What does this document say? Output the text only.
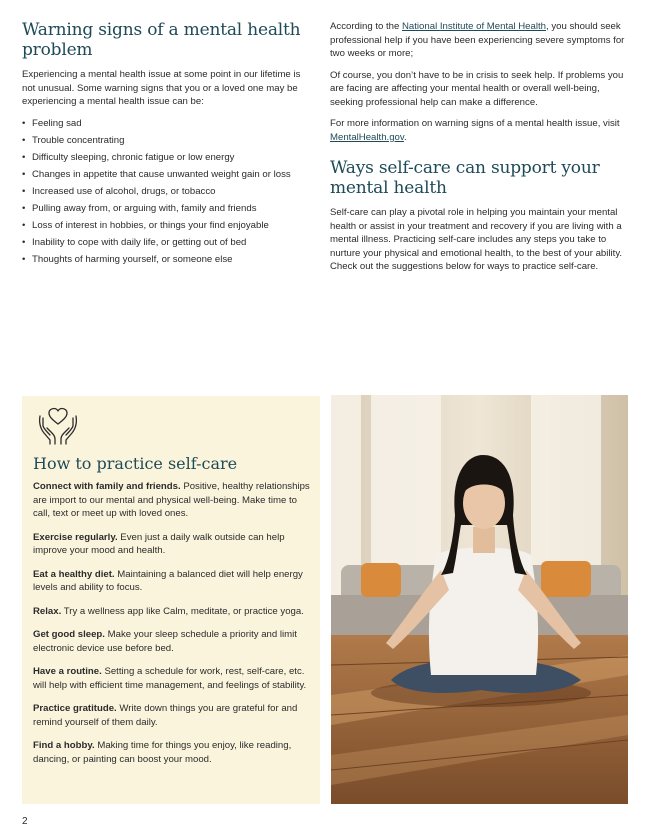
Warning signs of a mental health problem

Experiencing a mental health issue at some point in our lifetime is not unusual. Some warning signs that you or a loved one may be experiencing a mental health issue can be:

• Feeling sad
• Trouble concentrating
• Difficulty sleeping, chronic fatigue or low energy
• Changes in appetite that cause unwanted weight gain or loss
• Increased use of alcohol, drugs, or tobacco
• Pulling away from, or arguing with, family and friends
• Loss of interest in hobbies, or things your find enjoyable
• Inability to cope with daily life, or getting out of bed
• Thoughts of harming yourself, or someone else

According to the National Institute of Mental Health, you should seek professional help if you have been experiencing severe symptoms for two weeks or more;

Of course, you don’t have to be in crisis to seek help. If problems you are facing are affecting your mental health or overall well-being, seeking professional help can make a difference.

For more information on warning signs of a mental health issue, visit MentalHealth.gov.

Ways self-care can support your mental health

Self-care can play a pivotal role in helping you maintain your mental health or assist in your treatment and recovery if you are living with a mental illness. Practicing self-care includes any steps you take to nurture your physical and emotional health, to the best of your ability. Check out the suggestions below for ways to practice self-care.

How to practice self-care

Connect with family and friends. Positive, healthy relationships are import to our mental and physical well-being. Make time to call, text or meet up with loved ones.

Exercise regularly. Even just a daily walk outside can help improve your mood and health.

Eat a healthy diet. Maintaining a balanced diet will help energy levels and ability to focus.

Relax. Try a wellness app like Calm, meditate, or practice yoga.

Get good sleep. Make your sleep schedule a priority and limit electronic device use before bed.

Have a routine. Setting a schedule for work, rest, self-care, etc. will help with efficient time management, and feelings of stability.

Practice gratitude. Write down things you are grateful for and remind yourself of them daily.

Find a hobby. Making time for things you enjoy, like reading, dancing, or painting can boost your mood.

2
